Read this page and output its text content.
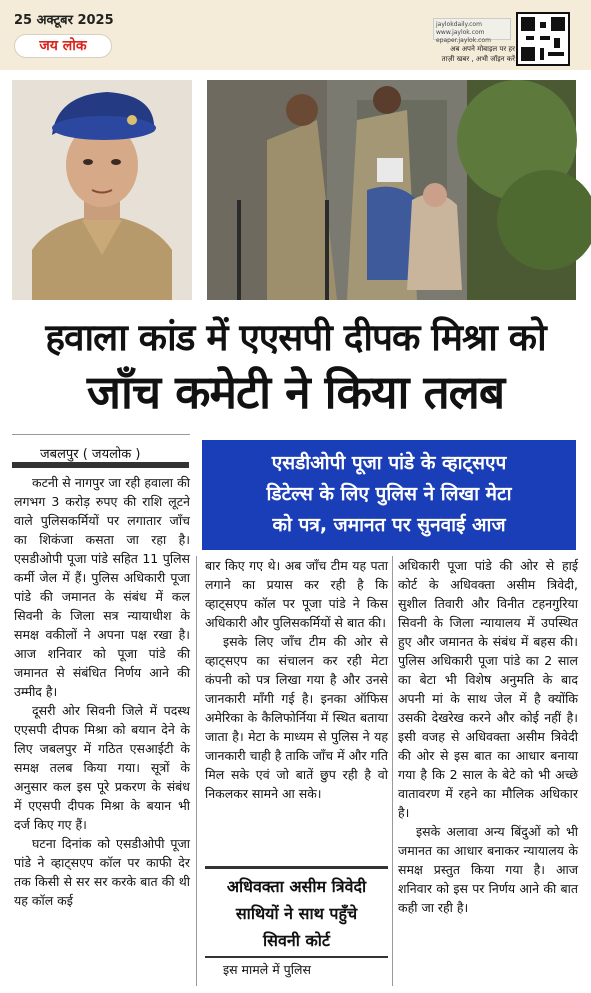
25 अक्टूबर 2025
जय लोक
jaylokdaily.com
www.jaylok.com
epaper.jaylok.com
अब अपने मोबाइल पर हर
ताज़ी खबर , अभी जॉइन करें
हवाला कांड में एएसपी दीपक मिश्रा को
जाँच कमेटी ने किया तलब
जबलपुर ( जयलोक )	एसडीओपी पूजा पांडे के व्हाट्सएप
डिटेल्स के लिए पुलिस ने लिखा मेटा
को पत्र, जमानत पर सुनवाई आज

कटनी से नागपुर जा रही हवाला की लगभग 3 करोड़ रुपए की राशि लूटने वाले पुलिसकर्मियों पर लगातार जाँच का शिकंजा कसता जा रहा है। एसडीओपी पूजा पांडे सहित 11 पुलिस कर्मी जेल में हैं। पुलिस अधिकारी पूजा पांडे की जमानत के संबंध में कल सिवनी के जिला सत्र न्यायाधीश के समक्ष वकीलों ने अपना पक्ष रखा है। आज शनिवार को पूजा पांडे की जमानत से संबंधित निर्णय आने की उम्मीद है।

दूसरी ओर सिवनी जिले में पदस्थ एएसपी दीपक मिश्रा को बयान देने के लिए जबलपुर में गठित एसआईटी के समक्ष तलब किया गया। सूत्रों के अनुसार कल इस पूरे प्रकरण के संबंध में एएसपी दीपक मिश्रा के बयान भी दर्ज किए गए हैं।

घटना दिनांक को एसडीओपी पूजा पांडे ने व्हाट्सएप कॉल पर काफी देर तक किसी से सर सर करके बात की थी यह कॉल कई

बार किए गए थे। अब जाँच टीम यह पता लगाने का प्रयास कर रही है कि व्हाट्सएप कॉल पर पूजा पांडे ने किस अधिकारी और पुलिसकर्मियों से बात की।

इसके लिए जाँच टीम की ओर से व्हाट्सएप का संचालन कर रही मेटा कंपनी को पत्र लिखा गया है और उनसे जानकारी माँगी गई है। इनका ऑफिस अमेरिका के कैलिफोर्निया में स्थित बताया जाता है। मेटा के माध्यम से पुलिस ने यह जानकारी चाही है ताकि जाँच में और गति मिल सके एवं जो बातें छुप रही है वो निकलकर सामने आ सके।

अधिवक्ता असीम त्रिवेदी
साथियों ने साथ पहुँचे
सिवनी कोर्ट

इस मामले में पुलिस

अधिकारी पूजा पांडे की ओर से हाई कोर्ट के अधिवक्ता असीम त्रिवेदी, सुशील तिवारी और विनीत टहनगुरिया सिवनी के जिला न्यायालय में उपस्थित हुए और जमानत के संबंध में बहस की। पुलिस अधिकारी पूजा पांडे का 2 साल का बेटा भी विशेष अनुमति के बाद अपनी मां के साथ जेल में है क्योंकि उसकी देखरेख करने और कोई नहीं है। इसी वजह से अधिवक्ता असीम त्रिवेदी की ओर से इस बात का आधार बनाया गया है कि 2 साल के बेटे को भी अच्छे वातावरण में रहने का मौलिक अधिकार है।

इसके अलावा अन्य बिंदुओं को भी जमानत का आधार बनाकर न्यायालय के समक्ष प्रस्तुत किया गया है। आज शनिवार को इस पर निर्णय आने की बात कही जा रही है।
